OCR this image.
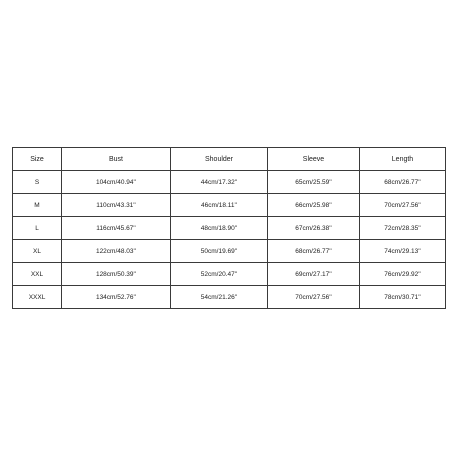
Size	Bust	Shoulder	Sleeve	Length
S	104cm/40.94''	44cm/17.32''	65cm/25.59''	68cm/26.77''
M	110cm/43.31''	46cm/18.11''	66cm/25.98''	70cm/27.56''
L	116cm/45.67''	48cm/18.90''	67cm/26.38''	72cm/28.35''
XL	122cm/48.03''	50cm/19.69''	68cm/26.77''	74cm/29.13''
XXL	128cm/50.39''	52cm/20.47''	69cm/27.17''	76cm/29.92''
XXXL	134cm/52.76''	54cm/21.26''	70cm/27.56''	78cm/30.71''
